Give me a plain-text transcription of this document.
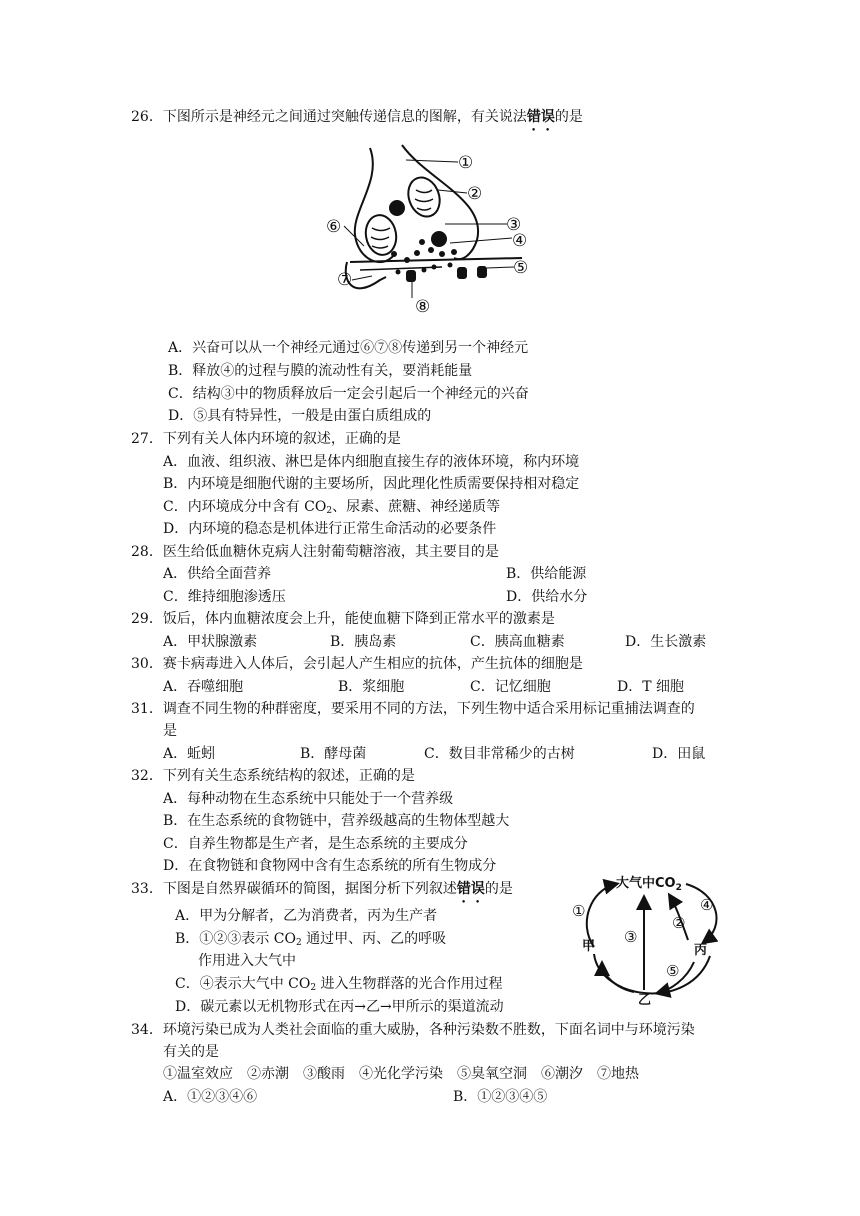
26．下图所示是神经元之间通过突触传递信息的图解，有关说法错误的是
①
②
③
④
⑤
⑥
⑦
⑧
A．兴奋可以从一个神经元通过⑥⑦⑧传递到另一个神经元
B．释放④的过程与膜的流动性有关，要消耗能量
C．结构③中的物质释放后一定会引起后一个神经元的兴奋
D．⑤具有特异性，一般是由蛋白质组成的
27．下列有关人体内环境的叙述，正确的是
A．血液、组织液、淋巴是体内细胞直接生存的液体环境，称内环境
B．内环境是细胞代谢的主要场所，因此理化性质需要保持相对稳定
C．内环境成分中含有 $CO_2$、尿素、蔗糖、神经递质等
D．内环境的稳态是机体进行正常生命活动的必要条件
28．医生给低血糖休克病人注射葡萄糖溶液，其主要目的是
A．供给全面营养	B．供给能源
C．维持细胞渗透压	D．供给水分
29．饭后，体内血糖浓度会上升，能使血糖下降到正常水平的激素是
A．甲状腺激素	B．胰岛素	C．胰高血糖素	D．生长激素
30．赛卡病毒进入人体后，会引起人产生相应的抗体，产生抗体的细胞是
A．吞噬细胞	B．浆细胞	C．记忆细胞	D．T 细胞
31．调查不同生物的种群密度，要采用不同的方法，下列生物中适合采用标记重捕法调查的
是
A．蚯蚓	B．酵母菌	C．数目非常稀少的古树	D．田鼠
32．下列有关生态系统结构的叙述，正确的是
A．每种动物在生态系统中只能处于一个营养级
B．在生态系统的食物链中，营养级越高的生物体型越大
C．自养生物都是生产者，是生态系统的主要成分
D．在食物链和食物网中含有生态系统的所有生物成分
33．下图是自然界碳循环的简图，据图分析下列叙述错误的是
A．甲为分解者，乙为消费者，丙为生产者
B．①②③表示 $CO_2$ 通过甲、丙、乙的呼吸
作用进入大气中
C．④表示大气中 $CO_2$ 进入生物群落的光合作用过程
D．碳元素以无机物形式在丙→乙→甲所示的渠道流动
大气中$CO_2$
甲
乙
丙
①
②
③
④
⑤
34．环境污染已成为人类社会面临的重大威胁，各种污染数不胜数，下面名词中与环境污染
有关的是
①温室效应　②赤潮　③酸雨　④光化学污染　⑤臭氧空洞　⑥潮汐　⑦地热
A．①②③④⑥	B．①②③④⑤
